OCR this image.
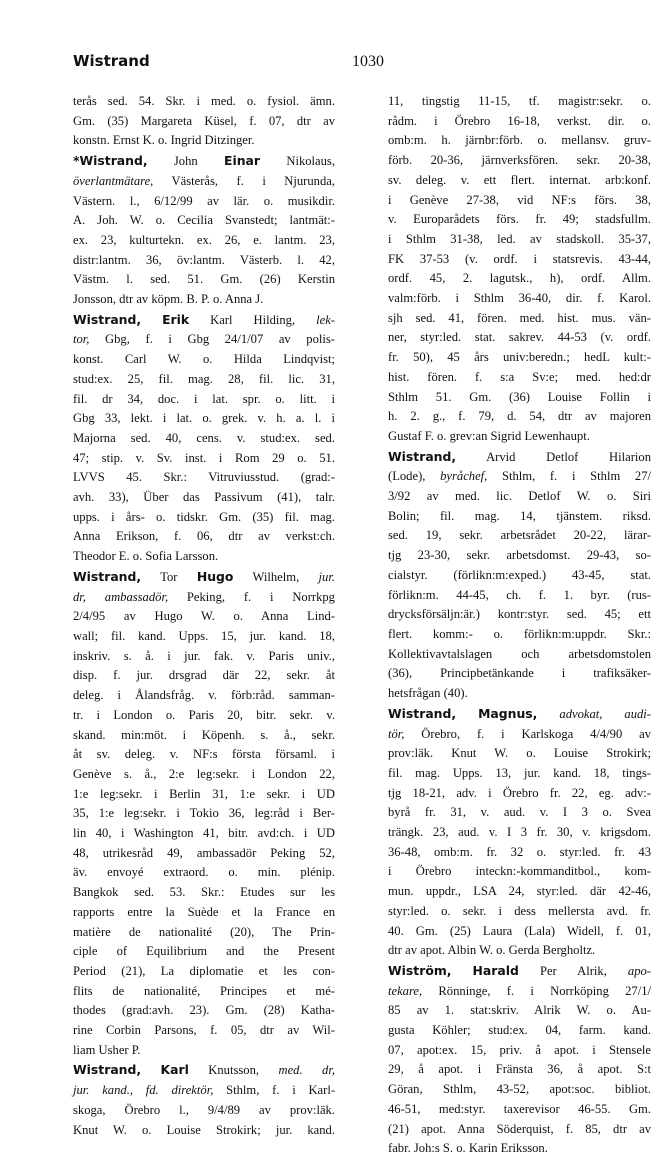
Wistrand	1030
terås sed. 54. Skr. i med. o. fysiol. ämn.
Gm. (35) Margareta Küsel, f. 07, dtr av
konstn. Ernst K. o. Ingrid Ditzinger.
*Wistrand, John Einar Nikolaus,
överlantmätare, Västerås, f. i Njurunda,
Västern. l., 6/12/99 av lär. o. musikdir.
A. Joh. W. o. Cecilia Svanstedt; lantmät:-
ex. 23, kulturtekn. ex. 26, e. lantm. 23,
distr:lantm. 36, öv:lantm. Västerb. l. 42,
Västm. l. sed. 51. Gm. (26) Kerstin
Jonsson, dtr av köpm. B. P. o. Anna J.
Wistrand, Erik Karl Hilding, lek-
tor, Gbg, f. i Gbg 24/1/07 av polis-
konst. Carl W. o. Hilda Lindqvist;
stud:ex. 25, fil. mag. 28, fil. lic. 31,
fil. dr 34, doc. i lat. spr. o. litt. i
Gbg 33, lekt. i lat. o. grek. v. h. a. l. i
Majorna sed. 40, cens. v. stud:ex. sed.
47; stip. v. Sv. inst. i Rom 29 o. 51.
LVVS 45. Skr.: Vitruviusstud. (grad:-
avh. 33), Über das Passivum (41), talr.
upps. i års- o. tidskr. Gm. (35) fil. mag.
Anna Erikson, f. 06, dtr av verkst:ch.
Theodor E. o. Sofia Larsson.
Wistrand, Tor Hugo Wilhelm, jur.
dr, ambassadör, Peking, f. i Norrkpg
2/4/95 av Hugo W. o. Anna Lind-
wall; fil. kand. Upps. 15, jur. kand. 18,
inskriv. s. å. i jur. fak. v. Paris univ.,
disp. f. jur. drsgrad där 22, sekr. åt
deleg. i Ålandsfråg. v. förb:råd. samman-
tr. i London o. Paris 20, bitr. sekr. v.
skand. min:möt. i Köpenh. s. å., sekr.
åt sv. deleg. v. NF:s första församl. i
Genève s. å., 2:e leg:sekr. i London 22,
1:e leg:sekr. i Berlin 31, 1:e sekr. i UD
35, 1:e leg:sekr. i Tokio 36, leg:råd i Ber-
lin 40, i Washington 41, bitr. avd:ch. i UD
48, utrikesråd 49, ambassadör Peking 52,
äv. envoyé extraord. o. min. plénip.
Bangkok sed. 53. Skr.: Etudes sur les
rapports entre la Suède et la France en
matière de nationalité (20), The Prin-
ciple of Equilibrium and the Present
Period (21), La diplomatie et les con-
flits de nationalité, Principes et mé-
thodes (grad:avh. 23). Gm. (28) Katha-
rine Corbin Parsons, f. 05, dtr av Wil-
liam Usher P.
Wistrand, Karl Knutsson, med. dr,
jur. kand., fd. direktör, Sthlm, f. i Karl-
skoga, Örebro l., 9/4/89 av prov:läk.
Knut W. o. Louise Strokirk; jur. kand.
11, tingstig 11-15, tf. magistr:sekr. o.
rådm. i Örebro 16-18, verkst. dir. o.
omb:m. h. järnbr:förb. o. mellansv. gruv-
förb. 20-36, järnverksfören. sekr. 20-38,
sv. deleg. v. ett flert. internat. arb:konf.
i Genève 27-38, vid NF:s förs. 38,
v. Europarådets förs. fr. 49; stadsfullm.
i Sthlm 31-38, led. av stadskoll. 35-37,
FK 37-53 (v. ordf. i statsrevis. 43-44,
ordf. 45, 2. lagutsk., h), ordf. Allm.
valm:förb. i Sthlm 36-40, dir. f. Karol.
sjh sed. 41, fören. med. hist. mus. vän-
ner, styr:led. stat. sakrev. 44-53 (v. ordf.
fr. 50), 45 års univ:beredn.; hedL kult:-
hist. fören. f. s:a Sv:e; med. hed:dr
Sthlm 51. Gm. (36) Louise Follin i
h. 2. g., f. 79, d. 54, dtr av majoren
Gustaf F. o. grev:an Sigrid Lewenhaupt.
Wistrand, Arvid Detlof Hilarion
(Lode), byråchef, Sthlm, f. i Sthlm 27/
3/92 av med. lic. Detlof W. o. Siri
Bolin; fil. mag. 14, tjänstem. riksd.
sed. 19, sekr. arbetsrådet 20-22, lärar-
tjg 23-30, sekr. arbetsdomst. 29-43, so-
cialstyr. (förlikn:m:exped.) 43-45, stat.
förlikn:m. 44-45, ch. f. 1. byr. (rus-
drycksförsälјn:är.) kontr:styr. sed. 45; ett
flert. komm:- o. förlikn:m:uppdr. Skr.:
Kollektivavtalslagen och arbetsdomstolen
(36), Principbetänkande i trafiksäker-
hetsfrågan (40).
Wistrand, Magnus, advokat, audi-
tör, Örebro, f. i Karlskoga 4/4/90 av
prov:läk. Knut W. o. Louise Strokirk;
fil. mag. Upps. 13, jur. kand. 18, tings-
tjg 18-21, adv. i Örebro fr. 22, eg. adv:-
byrå fr. 31, v. aud. v. I 3 o. Svea
trängk. 23, aud. v. I 3 fr. 30, v. krigsdom.
36-48, omb:m. fr. 32 o. styr:led. fr. 43
i Örebro inteckn:-kommanditbol., kom-
mun. uppdr., LSA 24, styr:led. där 42-46,
styr:led. o. sekr. i dess mellersta avd. fr.
40. Gm. (25) Laura (Lala) Widell, f. 01,
dtr av apot. Albin W. o. Gerda Bergholtz.
Wiström, Harald Per Alrik, apo-
tekare, Rönninge, f. i Norrköping 27/1/
85 av 1. stat:skriv. Alrik W. o. Au-
gusta Köhler; stud:ex. 04, farm. kand.
07, apot:ex. 15, priv. å apot. i Stensele
29, å apot. i Fränsta 36, å apot. S:t
Göran, Sthlm, 43-52, apot:soc. bibliot.
46-51, med:styr. taxerevisor 46-55. Gm.
(21) apot. Anna Söderquist, f. 85, dtr av
fabr. Joh:s S. o. Karin Eriksson.
